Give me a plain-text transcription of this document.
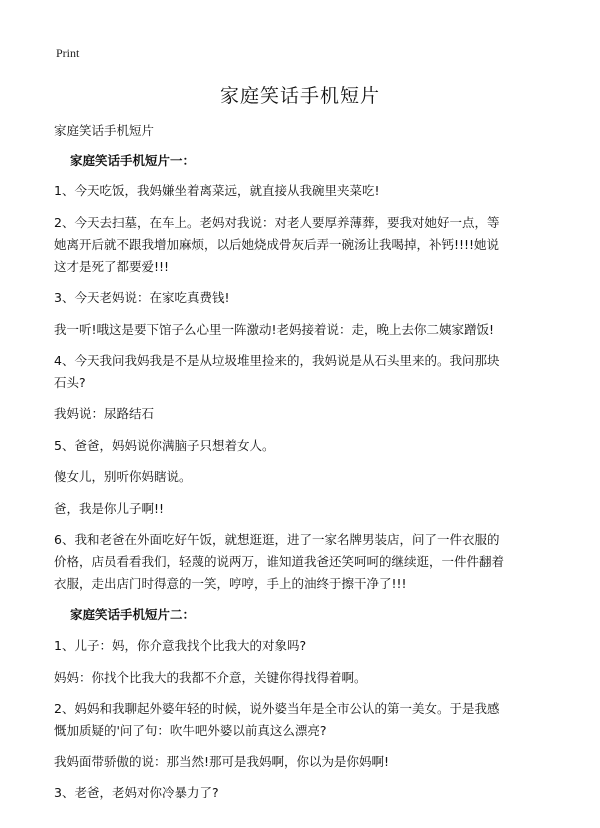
Print
家庭笑话手机短片

家庭笑话手机短片

家庭笑话手机短片一：

1、今天吃饭，我妈嫌坐着离菜远，就直接从我碗里夹菜吃!

2、今天去扫墓，在车上。老妈对我说：对老人要厚养薄葬，要我对她好一点，等

她离开后就不跟我增加麻烦，以后她烧成骨灰后弄一碗汤让我喝掉，补钙!!!!她说

这才是死了都要爱!!!

3、今天老妈说：在家吃真费钱!

我一听!哦这是要下馆子么心里一阵激动!老妈接着说：走，晚上去你二姨家蹭饭!

4、今天我问我妈我是不是从垃圾堆里捡来的，我妈说是从石头里来的。我问那块

石头?

我妈说：尿路结石

5、爸爸，妈妈说你满脑子只想着女人。

傻女儿，别听你妈瞎说。

爸，我是你儿子啊!!

6、我和老爸在外面吃好午饭，就想逛逛，进了一家名牌男装店，问了一件衣服的

价格，店员看看我们，轻蔑的说两万，谁知道我爸还笑呵呵的继续逛，一件件翻着

衣服，走出店门时得意的一笑，哼哼，手上的油终于擦干净了!!!

家庭笑话手机短片二：

1、儿子：妈，你介意我找个比我大的对象吗?

妈妈：你找个比我大的我都不介意，关键你得找得着啊。

2、妈妈和我聊起外婆年轻的时候，说外婆当年是全市公认的第一美女。于是我感

慨加质疑的'问了句：吹牛吧外婆以前真这么漂亮?

我妈面带骄傲的说：那当然!那可是我妈啊，你以为是你妈啊!

3、老爸，老妈对你冷暴力了?
